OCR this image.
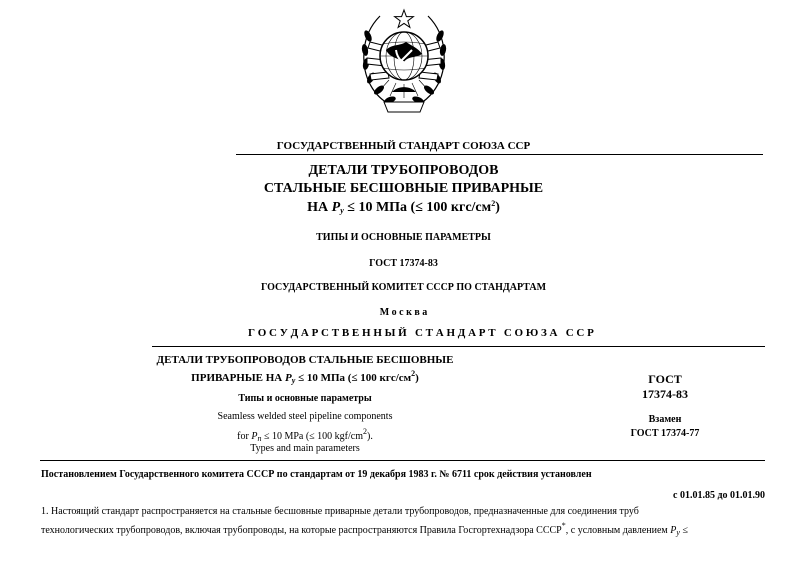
ГОСУДАРСТВЕННЫЙ СТАНДАРТ СОЮЗА ССР
ДЕТАЛИ ТРУБОПРОВОДОВ
СТАЛЬНЫЕ БЕСШОВНЫЕ ПРИВАРНЫЕ
НА $P_y \le 10$ МПа (≤ 100 кгс/$см^2$)
ТИПЫ И ОСНОВНЫЕ ПАРАМЕТРЫ
ГОСТ 17374-83
ГОСУДАРСТВЕННЫЙ КОМИТЕТ СССР ПО СТАНДАРТАМ
М о с к в а
Г О С У Д А Р С Т В Е Н Н Ы Й   С Т А Н Д А Р Т   С О Ю З А   С С Р
ДЕТАЛИ ТРУБОПРОВОДОВ СТАЛЬНЫЕ БЕСШОВНЫЕ
ПРИВАРНЫЕ НА $P_y \le 10$ МПа (≤ 100 кгс/$см^2$)
Типы и основные параметры
Seamless welded steel pipeline components
for $P_n \le 10$ MPa (≤ 100 kgf/$cm^2$).
Types and main parameters
ГОСТ
17374-83
Взамен
ГОСТ 17374-77
Постановлением Государственного комитета СССР по стандартам от 19 декабря 1983 г. № 6711 срок действия установлен
с 01.01.85 до 01.01.90
1. Настоящий стандарт распространяется на стальные бесшовные приварные детали трубопроводов, предназначенные для соединения труб
технологических трубопроводов, включая трубопроводы, на которые распространяются Правила Госгортехнадзора СССР*, с условным давлением $P_y$ ≤
